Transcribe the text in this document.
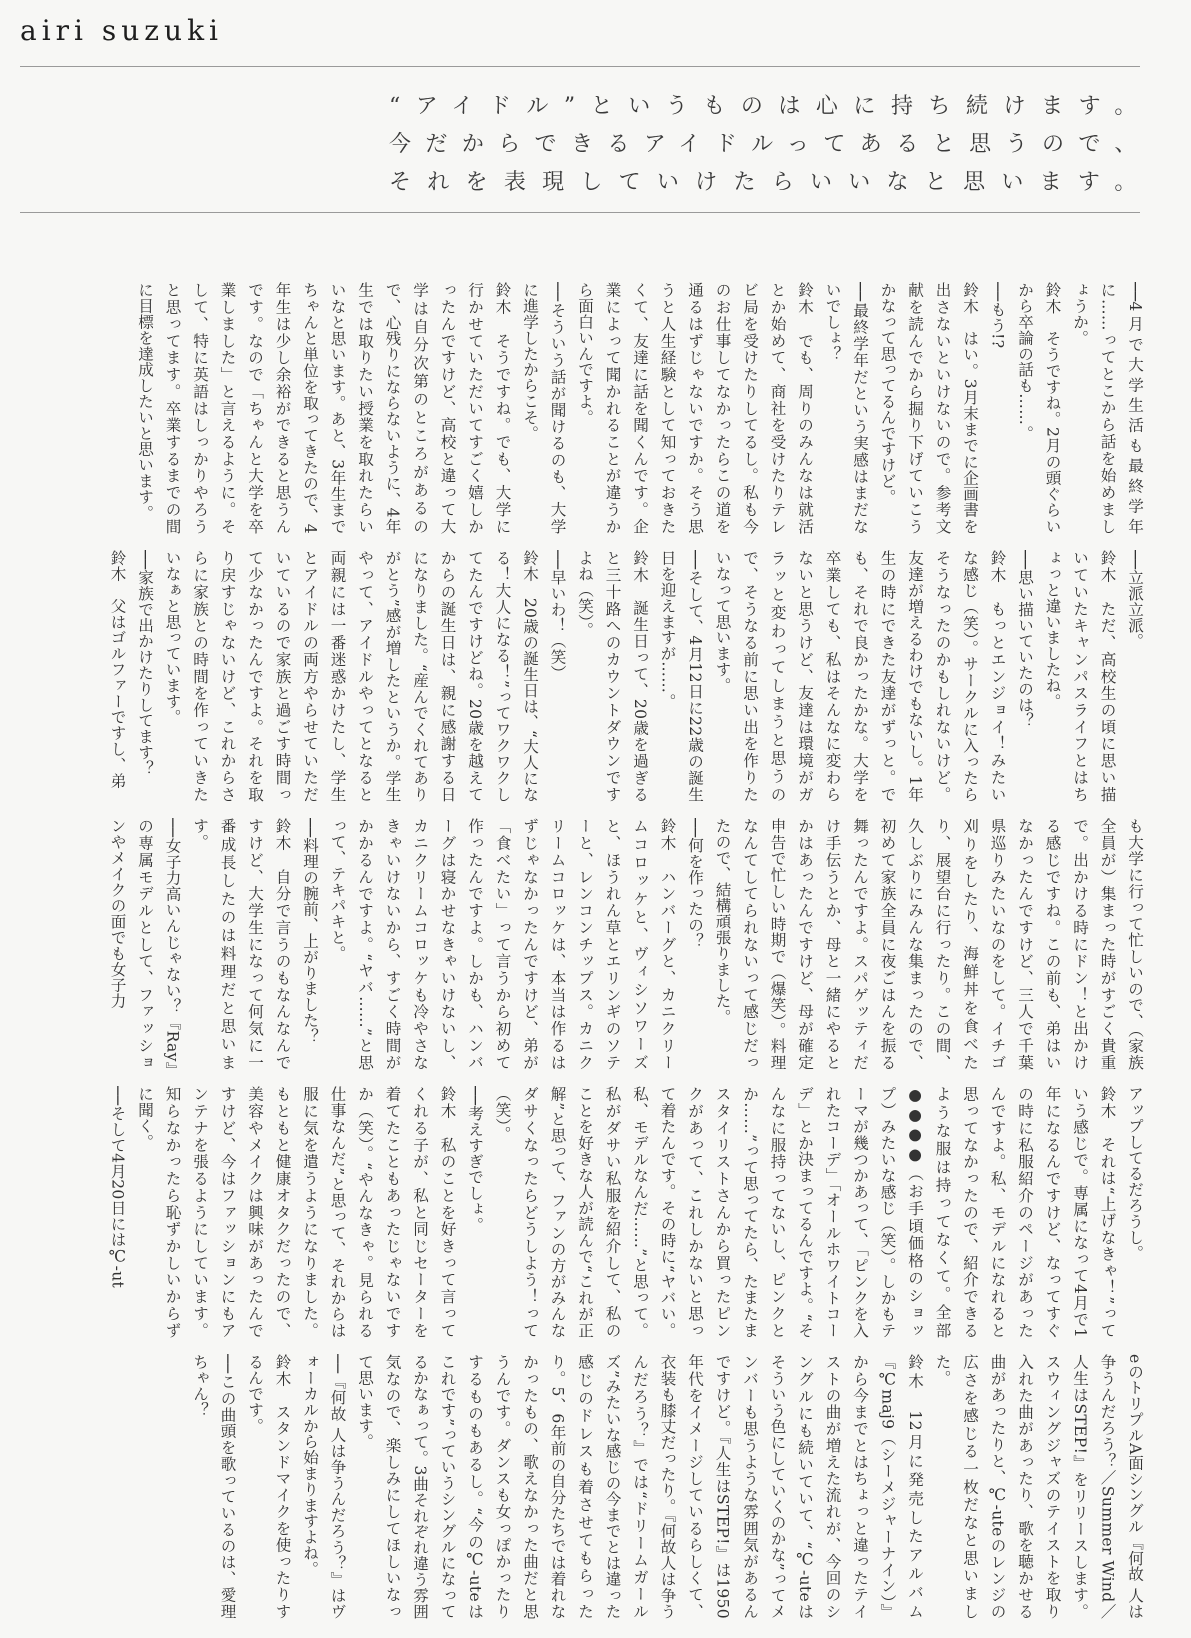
airi suzuki
“アイドル”というものは心に持ち続けます。
今だからできるアイドルってあると思うので、
それを表現していけたらいいなと思います。

──4月で大学生活も最終学年に……ってとこから話を始めましょうか。

鈴木　そうですね。2月の頭ぐらいから卒論の話も……。

──もう!?

鈴木　はい。3月末までに企画書を出さないといけないので。参考文献を読んでから掘り下げていこうかなって思ってるんですけど。

──最終学年だという実感はまだないでしょ？

鈴木　でも、周りのみんなは就活とか始めて、商社を受けたりテレビ局を受けたりしてるし。私も今のお仕事してなかったらこの道を通るはずじゃないですか。そう思うと人生経験として知っておきたくて、友達に話を聞くんです。企業によって聞かれることが違うから面白いんですよ。

──そういう話が聞けるのも、大学に進学したからこそ。

鈴木　そうですね。でも、大学に行かせていただいてすごく嬉しかったんですけど、高校と違って大学は自分次第のところがあるので、心残りにならないように、4年生では取りたい授業を取れたらいいなと思います。あと、3年生までちゃんと単位を取ってきたので、4年生は少し余裕ができると思うんです。なので「ちゃんと大学を卒業しました」と言えるように。そして、特に英語はしっかりやろうと思ってます。卒業するまでの間に目標を達成したいと思います。

──立派立派。

鈴木　ただ、高校生の頃に思い描いていたキャンパスライフとはちょっと違いましたね。

──思い描いていたのは？

鈴木　もっとエンジョイ！みたいな感じ（笑）。サークルに入ったらそうなったのかもしれないけど。友達が増えるわけでもないし。1年生の時にできた友達がずっと。でも、それで良かったかな。大学を卒業しても、私はそんなに変わらないと思うけど、友達は環境がガラッと変わってしまうと思うので、そうなる前に思い出を作りたいなって思います。

──そして、4月12日に22歳の誕生日を迎えますが……。

鈴木　誕生日って、20歳を過ぎると三十路へのカウントダウンですよね（笑）。

──早いわ！（笑）

鈴木　20歳の誕生日は、“大人になる！大人になる！”ってワクワクしてたんですけどね。20歳を越えてからの誕生日は、親に感謝する日になりました。“産んでくれてありがとう”感が増したというか。学生やって、アイドルやってとなると両親には一番迷惑かけたし、学生とアイドルの両方やらせていただいているので家族と過ごす時間って少なかったんですよ。それを取り戻すじゃないけど、これからさらに家族との時間を作っていきたいなぁと思っています。

──家族で出かけたりしてます？

鈴木　父はゴルファーですし、弟

も大学に行って忙しいので、（家族全員が）集まった時がすごく貴重で。出かける時にドン！と出かける感じですね。この前も、弟はいなかったんですけど、三人で千葉県巡りみたいなのをして。イチゴ刈りをしたり、海鮮丼を食べたり、展望台に行ったり。この間、久しぶりにみんな集まったので、初めて家族全員に夜ごはんを振る舞ったんですよ。スパゲッティだけ手伝うとか、母と一緒にやるとかはあったんですけど、母が確定申告で忙しい時期で（爆笑）。料理なんてしてられないって感じだったので、結構頑張りました。

──何を作ったの？

鈴木　ハンバーグと、カニクリームコロッケと、ヴィシソワーズと、ほうれん草とエリンギのソテーと、レンコンチップス。カニクリームコロッケは、本当は作るはずじゃなかったんですけど、弟が「食べたい」って言うから初めて作ったんですよ。しかも、ハンバーグは寝かせなきゃいけないし、カニクリームコロッケも冷やさなきゃいけないから、すごく時間がかかるんですよ。“ヤバ……”と思って、テキパキと。

──料理の腕前、上がりました？

鈴木　自分で言うのもなんなんですけど、大学生になって何気に一番成長したのは料理だと思います。

──女子力高いんじゃない？『Ray』の専属モデルとして、ファッションやメイクの面でも女子力

アップしてるだろうし。

鈴木　それは“上げなきゃ！”っていう感じで。専属になって4月で1年になるんですけど、なってすぐの時に私服紹介のページがあったんですよ。私、モデルになれると思ってなかったので、紹介できるような服は持ってなくて。全部●●●●（お手頃価格のショップ）みたいな感じ（笑）。しかもテーマが幾つかあって、「ピンクを入れたコーデ」「オールホワイトコーデ」とか決まってるんですよ。“そんなに服持ってないし、ピンクとか……”って思ってたら、たまたまスタイリストさんから買ったピンクがあって、これしかないと思って着たんです。その時に“ヤバい。私、モデルなんだ……”と思って。私がダサい私服を紹介して、私のことを好きな人が読んで“これが正解”と思って、ファンの方がみんなダサくなったらどうしよう！って（笑）。

──考えすぎでしょ。

鈴木　私のことを好きって言ってくれる子が、私と同じセーターを着てたこともあったじゃないですか（笑）。“やんなきゃ。見られる仕事なんだ”と思って、それからは服に気を遣うようになりました。もともと健康オタクだったので、美容やメイクは興味があったんですけど、今はファッションにもアンテナを張るようにしています。知らなかったら恥ずかしいからずに聞く。

──そして4月20日には℃-ut

eのトリプルA面シングル『何故 人は争うんだろう？／Summer Wind／人生はSTEP!』をリリースします。スウィングジャズのテイストを取り入れた曲があったり、歌を聴かせる曲があったりと、℃-uteのレンジの広さを感じる一枚だなと思いました。

鈴木　12月に発売したアルバム『℃maj9（シーメジャーナイン）』から今までとはちょっと違ったテイストの曲が増えた流れが、今回のシングルにも続いていて、“℃-uteはそういう色にしていくのかな”ってメンバーも思うような雰囲気があるんですけど。『人生はSTEP!』は1950年代をイメージしているらしくて、衣装も膝丈だったり。『何故人は争うんだろう？』では“ドリームガールズ”みたいな感じの今までとは違った感じのドレスも着させてもらったり。5、6年前の自分たちでは着れなかったもの、歌えなかった曲だと思うんです。ダンスも女っぽかったりするものもあるし。“今の℃-uteはこれです”っていうシングルになってるかなぁって。3曲それぞれ違う雰囲気なので、楽しみにしてほしいなって思います。

──『何故 人は争うんだろう？』はヴォーカルから始まりますよね。

鈴木　スタンドマイクを使ったりするんです。

──この曲頭を歌っているのは、愛理ちゃん？
